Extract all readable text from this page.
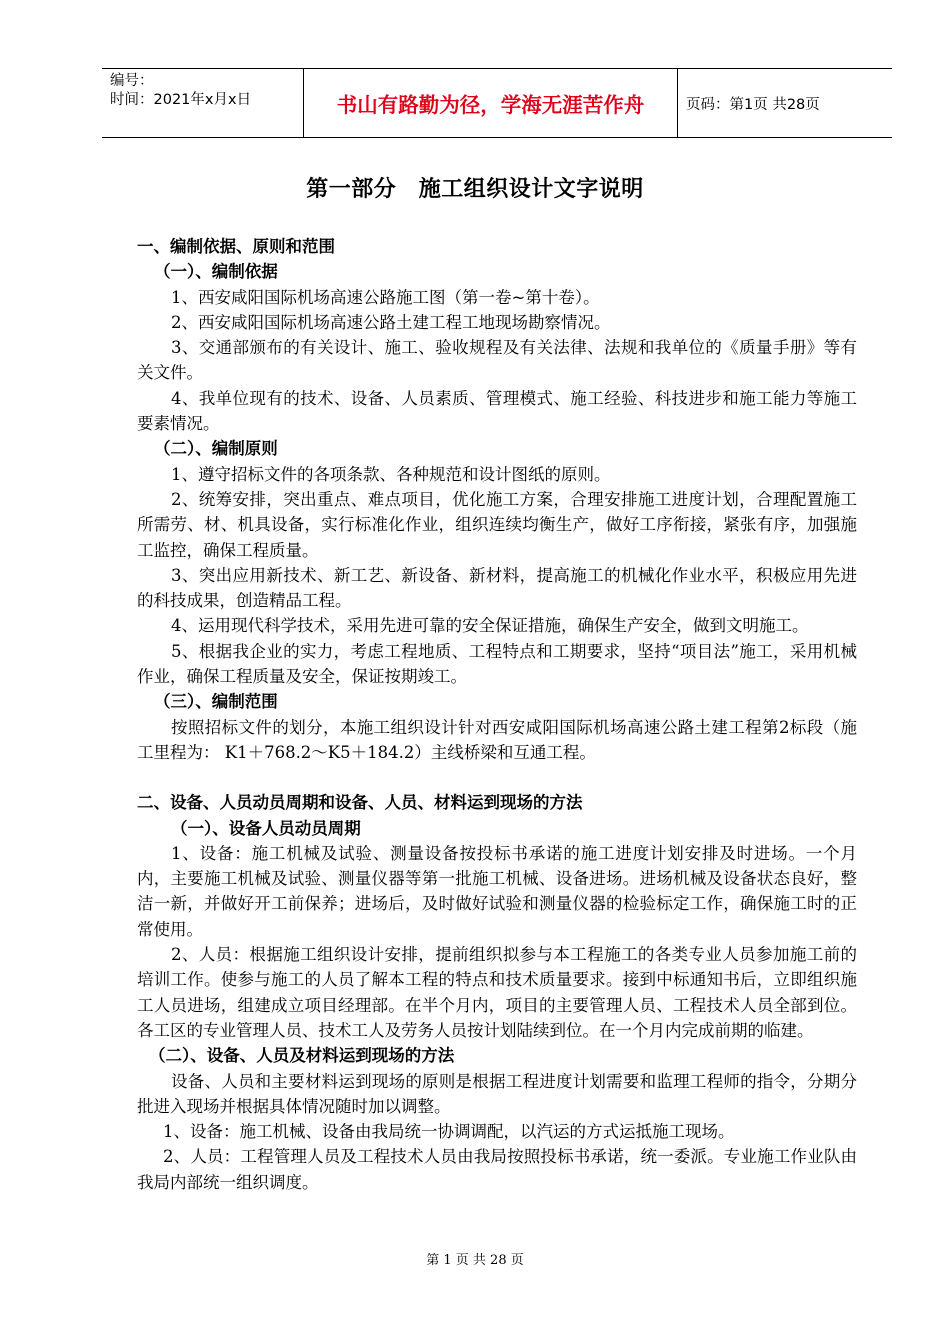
编号：
时间：2021年x月x日	书山有路勤为径，学海无涯苦作舟	页码：第1页 共28页
第一部分　施工组织设计文字说明
一、编制依据、原则和范围
（一）、编制依据

1、西安咸阳国际机场高速公路施工图（第一卷~第十卷）。

2、西安咸阳国际机场高速公路土建工程工地现场勘察情况。

3、交通部颁布的有关设计、施工、验收规程及有关法律、法规和我单位的《质量手册》等有关文件。

4、我单位现有的技术、设备、人员素质、管理模式、施工经验、科技进步和施工能力等施工要素情况。

（二）、编制原则

1、遵守招标文件的各项条款、各种规范和设计图纸的原则。

2、统筹安排，突出重点、难点项目，优化施工方案，合理安排施工进度计划，合理配置施工所需劳、材、机具设备，实行标准化作业，组织连续均衡生产，做好工序衔接，紧张有序，加强施工监控，确保工程质量。

3、突出应用新技术、新工艺、新设备、新材料，提高施工的机械化作业水平，积极应用先进的科技成果，创造精品工程。

4、运用现代科学技术，采用先进可靠的安全保证措施，确保生产安全，做到文明施工。

5、根据我企业的实力，考虑工程地质、工程特点和工期要求，坚持“项目法”施工，采用机械作业，确保工程质量及安全，保证按期竣工。

（三）、编制范围

按照招标文件的划分，本施工组织设计针对西安咸阳国际机场高速公路土建工程第2标段（施工里程为： K1＋768.2～K5＋184.2）主线桥梁和互通工程。

二、设备、人员动员周期和设备、人员、材料运到现场的方法
（一）、设备人员动员周期

1、设备：施工机械及试验、测量设备按投标书承诺的施工进度计划安排及时进场。一个月内，主要施工机械及试验、测量仪器等第一批施工机械、设备进场。进场机械及设备状态良好，整洁一新，并做好开工前保养；进场后，及时做好试验和测量仪器的检验标定工作，确保施工时的正常使用。

2、人员：根据施工组织设计安排，提前组织拟参与本工程施工的各类专业人员参加施工前的培训工作。使参与施工的人员了解本工程的特点和技术质量要求。接到中标通知书后，立即组织施工人员进场，组建成立项目经理部。在半个月内，项目的主要管理人员、工程技术人员全部到位。各工区的专业管理人员、技术工人及劳务人员按计划陆续到位。在一个月内完成前期的临建。

（二）、设备、人员及材料运到现场的方法

设备、人员和主要材料运到现场的原则是根据工程进度计划需要和监理工程师的指令，分期分批进入现场并根据具体情况随时加以调整。

1、设备：施工机械、设备由我局统一协调调配，以汽运的方式运抵施工现场。

2、人员：工程管理人员及工程技术人员由我局按照投标书承诺，统一委派。专业施工作业队由我局内部统一组织调度。

第 1 页 共 28 页
